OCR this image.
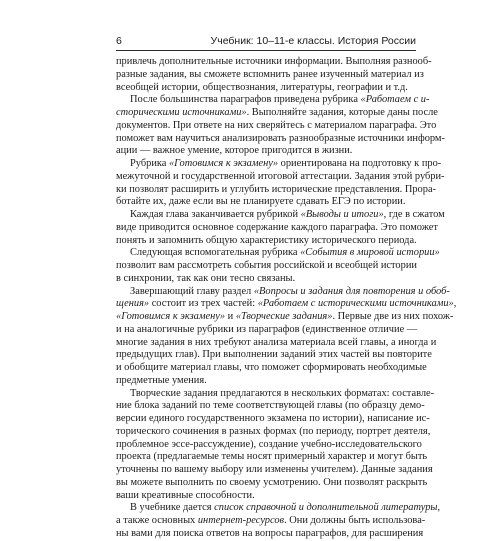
6	Учебник: 10–11-е классы. История России
привлечь дополнительные источники информации. Выполняя разнооб-
разные задания, вы сможете вспомнить ранее изученный материал из
всеобщей истории, обществознания, литературы, географии и т.д.
После большинства параграфов приведена рубрика «Работаем с и-
сторическими источниками». Выполняйте задания, которые даны после
документов. При ответе на них сверяйтесь с материалом параграфа. Это
поможет вам научиться анализировать разнообразные источники информ-
ации — важное умение, которое пригодится в жизни.
Рубрика «Готовимся к экзамену» ориентирована на подготовку к про-
межуточной и государственной итоговой аттестации. Задания этой рубри-
ки позволят расширить и углубить исторические представления. Прора-
ботайте их, даже если вы не планируете сдавать ЕГЭ по истории.
Каждая глава заканчивается рубрикой «Выводы и итоги», где в сжатом
виде приводится основное содержание каждого параграфа. Это поможет
понять и запомнить общую характеристику исторического периода.
Следующая вспомогательная рубрика «События в мировой истории»
позволит вам рассмотреть события российской и всеобщей истории
в синхронии, так как они тесно связаны.
Завершающий главу раздел «Вопросы и задания для повторения и обоб-
щения» состоит из трех частей: «Работаем с историческими источниками»,
«Готовимся к экзамену» и «Творческие задания». Первые две из них похож-
и на аналогичные рубрики из параграфов (единственное отличие —
многие задания в них требуют анализа материала всей главы, а иногда и
предыдущих глав). При выполнении заданий этих частей вы повторите
и обобщите материал главы, что поможет сформировать необходимые
предметные умения.
Творческие задания предлагаются в нескольких форматах: составле-
ние блока заданий по теме соответствующей главы (по образцу демо-
версии единого государственного экзамена по истории), написание ис-
торического сочинения в разных формах (по периоду, портрет деятеля,
проблемное эссе-рассуждение), создание учебно-исследовательского
проекта (предлагаемые темы носят примерный характер и могут быть
уточнены по вашему выбору или изменены учителем). Данные задания
вы можете выполнить по своему усмотрению. Они позволят раскрыть
ваши креативные способности.
В учебнике дается список справочной и дополнительной литературы,
а также основных интернет-ресурсов. Они должны быть использова-
ны вами для поиска ответов на вопросы параграфов, для расширения
